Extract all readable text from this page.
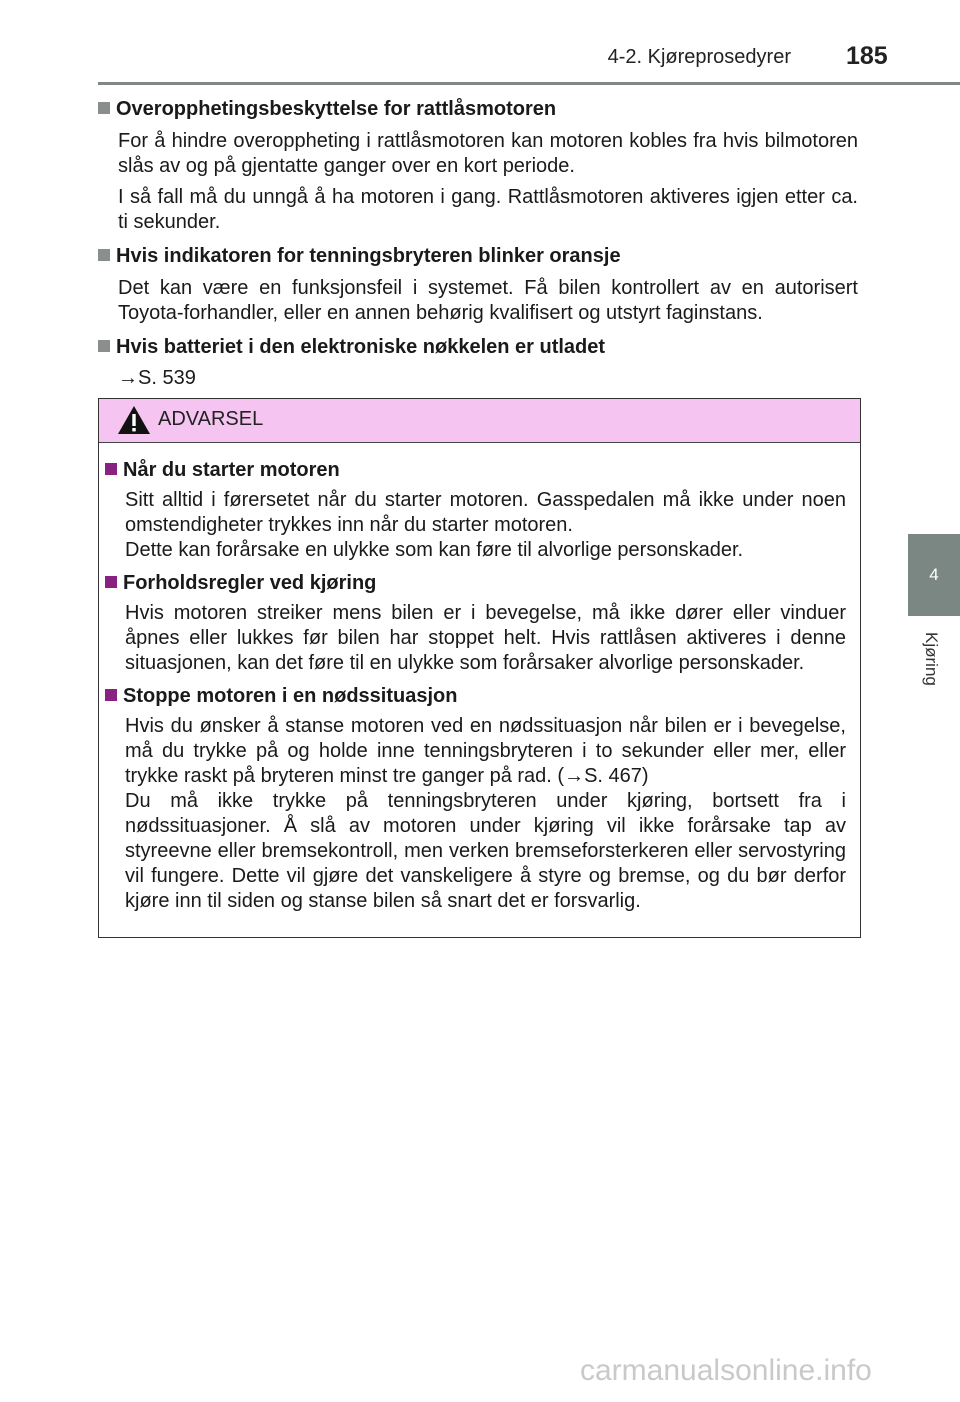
4-2. Kjøreprosedyrer 185
4
Kjøring

Overopphetingsbeskyttelse for rattlåsmotoren

For å hindre overoppheting i rattlåsmotoren kan motoren kobles fra hvis bilmotoren slås av og på gjentatte ganger over en kort periode.

I så fall må du unngå å ha motoren i gang. Rattlåsmotoren aktiveres igjen etter ca. ti sekunder.

Hvis indikatoren for tenningsbryteren blinker oransje

Det kan være en funksjonsfeil i systemet. Få bilen kontrollert av en autorisert Toyota-forhandler, eller en annen behørig kvalifisert og utstyrt faginstans.

Hvis batteriet i den elektroniske nøkkelen er utladet

→S. 539

ADVARSEL

Når du starter motoren

Sitt alltid i førersetet når du starter motoren. Gasspedalen må ikke under noen omstendigheter trykkes inn når du starter motoren.
Dette kan forårsake en ulykke som kan føre til alvorlige personskader.

Forholdsregler ved kjøring

Hvis motoren streiker mens bilen er i bevegelse, må ikke dører eller vinduer åpnes eller lukkes før bilen har stoppet helt. Hvis rattlåsen aktiveres i denne situasjonen, kan det føre til en ulykke som forårsaker alvorlige personskader.

Stoppe motoren i en nødssituasjon

Hvis du ønsker å stanse motoren ved en nødssituasjon når bilen er i bevegelse, må du trykke på og holde inne tenningsbryteren i to sekunder eller mer, eller trykke raskt på bryteren minst tre ganger på rad. (→S. 467)
Du må ikke trykke på tenningsbryteren under kjøring, bortsett fra i nødssituasjoner. Å slå av motoren under kjøring vil ikke forårsake tap av styreevne eller bremsekontroll, men verken bremseforsterkeren eller servostyring vil fungere. Dette vil gjøre det vanskeligere å styre og bremse, og du bør derfor kjøre inn til siden og stanse bilen så snart det er forsvarlig.

carmanualsonline.info
